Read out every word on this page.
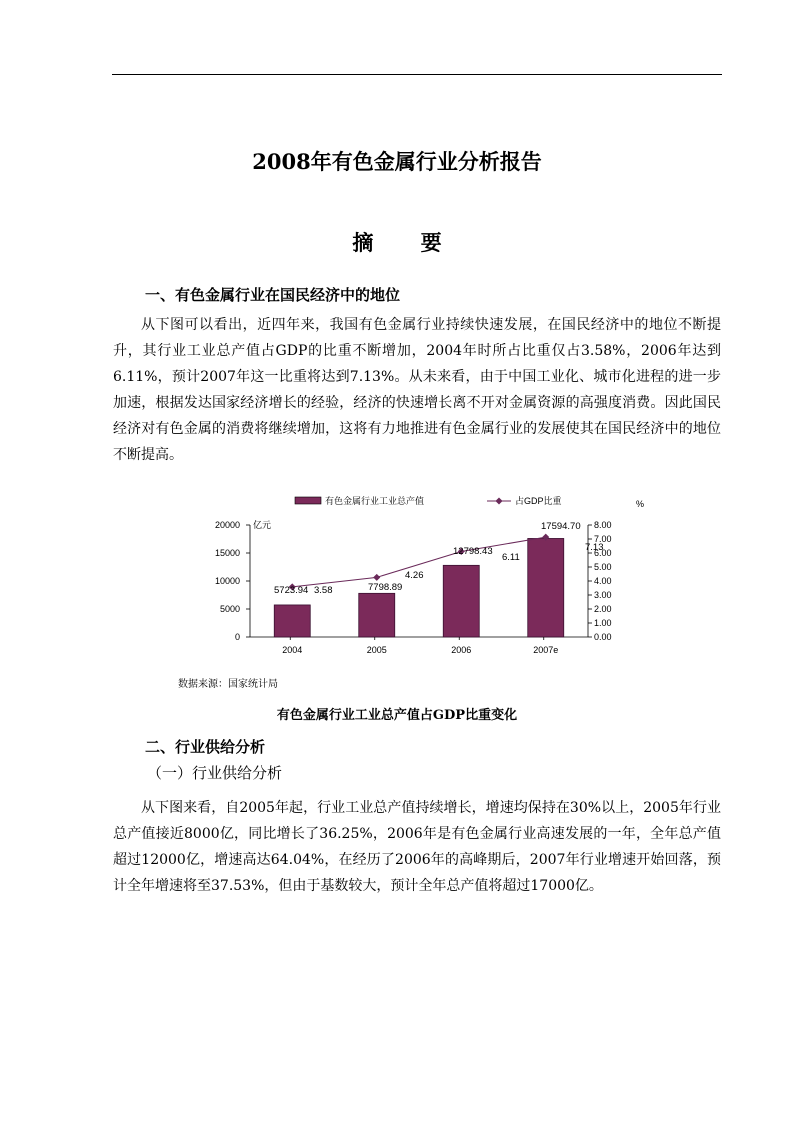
2008年有色金属行业分析报告
摘 要
一、有色金属行业在国民经济中的地位

从下图可以看出，近四年来，我国有色金属行业持续快速发展，在国民经济中的地位不断提升，其行业工业总产值占GDP的比重不断增加，2004年时所占比重仅占3.58%，2006年达到6.11%，预计2007年这一比重将达到7.13%。从未来看，由于中国工业化、城市化进程的进一步加速，根据发达国家经济增长的经验，经济的快速增长离不开对金属资源的高强度消费。因此国民经济对有色金属的消费将继续增加，这将有力地推进有色金属行业的发展使其在国民经济中的地位不断提高。

有色金属行业工业总产值	占GDP比重	%
亿元
0
5000
10000
15000
20000
0.00
1.00
2.00
3.00
4.00
5.00
6.00
7.00
8.00
2004	2005	2006	2007e
5723.94	7798.89
12798.43
17594.70
3.58
4.26
6.11
7.13
数据来源：国家统计局
有色金属行业工业总产值占GDP比重变化
二、行业供给分析
（一）行业供给分析

从下图来看，自2005年起，行业工业总产值持续增长，增速均保持在30%以上，2005年行业总产值接近8000亿，同比增长了36.25%，2006年是有色金属行业高速发展的一年，全年总产值超过12000亿，增速高达64.04%，在经历了2006年的高峰期后，2007年行业增速开始回落，预计全年增速将至37.53%，但由于基数较大，预计全年总产值将超过17000亿。
